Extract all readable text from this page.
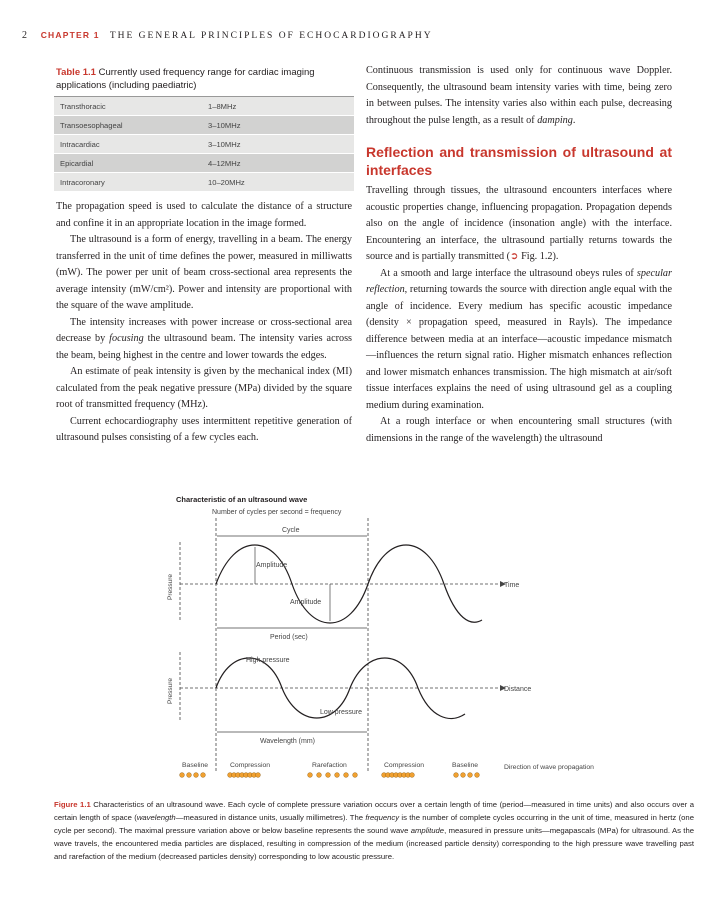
2 CHAPTER 1 THE GENERAL PRINCIPLES OF ECHOCARDIOGRAPHY
Table 1.1 Currently used frequency range for cardiac imaging applications (including paediatric)
Transthoracic	1–8MHz
Transoesophageal	3–10MHz
Intracardiac	3–10MHz
Epicardial	4–12MHz
Intracoronary	10–20MHz

The propagation speed is used to calculate the distance of a structure and confine it in an appropriate location in the image formed.

The ultrasound is a form of energy, travelling in a beam. The energy transferred in the unit of time defines the power, measured in milliwatts (mW). The power per unit of beam cross-sectional area represents the average intensity (mW/cm²). Power and intensity are proportional with the square of the wave amplitude.

The intensity increases with power increase or cross-sectional area decrease by focusing the ultrasound beam. The intensity varies across the beam, being highest in the centre and lower towards the edges.

An estimate of peak intensity is given by the mechanical index (MI) calculated from the peak negative pressure (MPa) divided by the square root of transmitted frequency (MHz).

Current echocardiography uses intermittent repetitive generation of ultrasound pulses consisting of a few cycles each.

Continuous transmission is used only for continuous wave Doppler. Consequently, the ultrasound beam intensity varies with time, being zero in between pulses. The intensity varies also within each pulse, decreasing throughout the pulse length, as a result of damping.

Reflection and transmission of ultrasound at interfaces

Travelling through tissues, the ultrasound encounters interfaces where acoustic properties change, influencing propagation. Propagation depends also on the angle of incidence (insonation angle) with the interface. Encountering an interface, the ultrasound partially returns towards the source and is partially transmitted (➲ Fig. 1.2).

At a smooth and large interface the ultrasound obeys rules of specular reflection, returning towards the source with direction angle equal with the angle of incidence. Every medium has specific acoustic impedance (density × propagation speed, measured in Rayls). The impedance difference between media at an interface—acoustic impedance mismatch—influences the return signal ratio. Higher mismatch enhances reflection and lower mismatch enhances transmission. The high mismatch at air/soft tissue interfaces explains the need of using ultrasound gel as a coupling medium during examination.

At a rough interface or when encountering small structures (with dimensions in the range of the wavelength) the ultrasound

Characteristic of an ultrasound wave
Number of cycles per second = frequency
Cycle
Pressure	Time
Amplitude
Amplitude
Period (sec)
Pressure	Distance
High pressure
Low pressure
Wavelength (mm)
Baseline	Compression	Rarefaction	Compression	Baseline	Direction of wave propagation
Figure 1.1 Characteristics of an ultrasound wave. Each cycle of complete pressure variation occurs over a certain length of time (period—measured in time units) and also occurs over a certain length of space (wavelength—measured in distance units, usually millimetres). The frequency is the number of complete cycles occurring in the unit of time, measured in hertz (one cycle per second). The maximal pressure variation above or below baseline represents the sound wave amplitude, measured in pressure units—megapascals (MPa) for ultrasound. As the wave travels, the encountered media particles are displaced, resulting in compression of the medium (increased particle density) corresponding to the high pressure wave travelling past and rarefaction of the medium (decreased particles density) corresponding to low acoustic pressure.
